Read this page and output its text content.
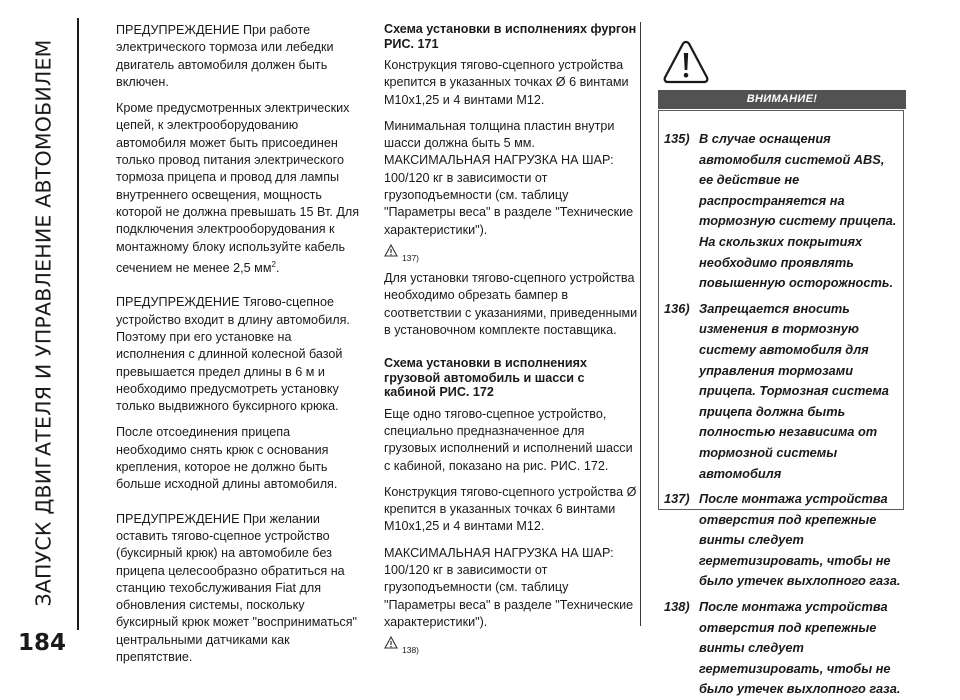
ЗАПУСК ДВИГАТЕЛЯ И УПРАВЛЕНИЕ АВТОМОБИЛЕМ
184

ПРЕДУПРЕЖДЕНИЕ При работе электрического тормоза или лебедки двигатель автомобиля должен быть включен.

Кроме предусмотренных электрических цепей, к электрооборудованию автомобиля может быть присоединен только провод питания электрического тормоза прицепа и провод для лампы внутреннего освещения, мощность которой не должна превышать 15 Вт. Для подключения электрооборудования к монтажному блоку используйте кабель сечением не менее 2,5 $мм^2$.

ПРЕДУПРЕЖДЕНИЕ Тягово-сцепное устройство входит в длину автомобиля. Поэтому при его установке на исполнения с длинной колесной базой превышается предел длины в 6 м и необходимо предусмотреть установку только выдвижного буксирного крюка.

После отсоединения прицепа необходимо снять крюк с основания крепления, которое не должно быть больше исходной длины автомобиля.

ПРЕДУПРЕЖДЕНИЕ При желании оставить тягово-сцепное устройство (буксирный крюк) на автомобиле без прицепа целесообразно обратиться на станцию техобслуживания Fiat для обновления системы, поскольку буксирный крюк может "восприниматься" центральными датчиками как препятствие.

Схема установки в исполнениях фургон РИС. 171

Конструкция тягово-сцепного устройства крепится в указанных точках Ø 6 винтами M10x1,25 и 4 винтами M12.

Минимальная толщина пластин внутри шасси должна быть 5 мм. МАКСИМАЛЬНАЯ НАГРУЗКА НА ШАР: 100/120 кг в зависимости от грузоподъемности (см. таблицу "Параметры веса" в разделе "Технические характеристики").

137)

Для установки тягово-сцепного устройства необходимо обрезать бампер в соответствии с указаниями, приведенными в установочном комплекте поставщика.

Схема установки в исполнениях грузовой автомобиль и шасси с кабиной РИС. 172

Еще одно тягово-сцепное устройство, специально предназначенное для грузовых исполнений и исполнений шасси с кабиной, показано на рис. РИС. 172.

Конструкция тягово-сцепного устройства Ø крепится в указанных точках 6 винтами M10x1,25 и 4 винтами M12.

МАКСИМАЛЬНАЯ НАГРУЗКА НА ШАР: 100/120 кг в зависимости от грузоподъемности (см. таблицу "Параметры веса" в разделе "Технические характеристики").

138)
ВНИМАНИЕ!
135) В случае оснащения автомобиля системой ABS, ее действие не распространяется на тормозную систему прицепа. На скользких покрытиях необходимо проявлять повышенную осторожность.
136) Запрещается вносить изменения в тормозную систему автомобиля для управления тормозами прицепа. Тормозная система прицепа должна быть полностью независима от тормозной системы автомобиля
137) После монтажа устройства отверстия под крепежные винты следует герметизировать, чтобы не было утечек выхлопного газа.
138) После монтажа устройства отверстия под крепежные винты следует герметизировать, чтобы не было утечек выхлопного газа.
